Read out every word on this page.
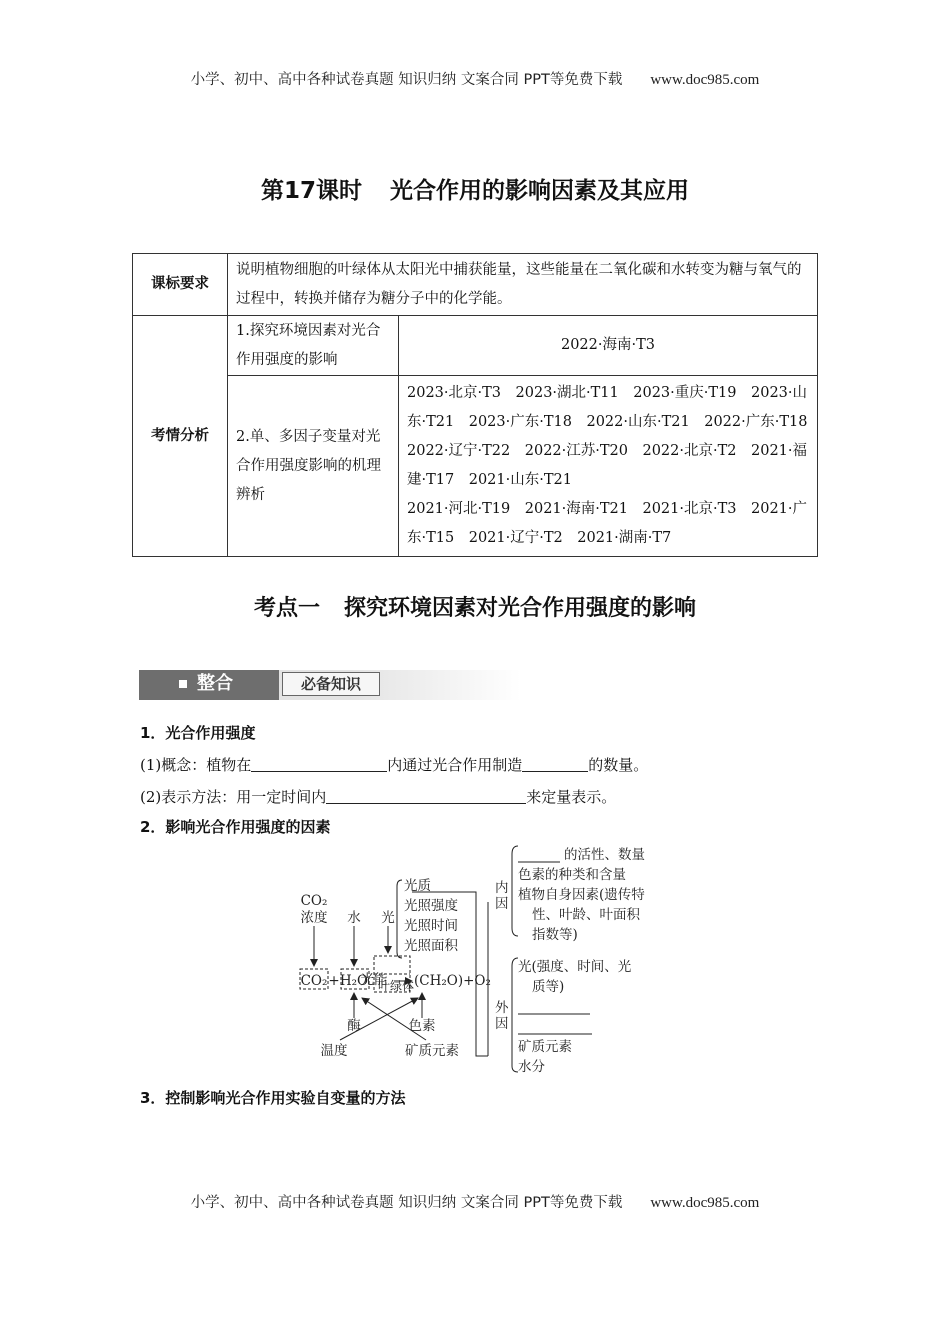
小学、初中、高中各种试卷真题 知识归纳 文案合同 PPT等免费下载 www.doc985.com
第17课时 光合作用的影响因素及其应用
课标要求	说明植物细胞的叶绿体从太阳光中捕获能量，这些能量在二氧化碳和水转变为糖与氧气的过程中，转换并储存为糖分子中的化学能。	
考情分析	1.探究环境因素对光合作用强度的影响	2022·海南·T3
	2.单、多因子变量对光合作用强度影响的机理辨析	2023·北京·T3　2023·湖北·T11　2023·重庆·T19　2023·山东·T21　2023·广东·T18　2022·山东·T21　2022·广东·T18　2022·辽宁·T22　2022·江苏·T20　2022·北京·T2　2021·福建·T17　2021·山东·T21
2021·河北·T19　2021·海南·T21　2021·北京·T3　2021·广东·T15　2021·辽宁·T2　2021·湖南·T7
考点一 探究环境因素对光合作用强度的影响
整合	必备知识
1．光合作用强度
(1)概念：植物在	内通过光合作用制造	的数量。
(2)表示方法：用一定时间内	来定量表示。
2．影响光合作用强度的因素
CO₂
浓度 水 光
光质
光照强度
光照时间
光照面积
光能
叶绿体
CO₂ + H₂O	(CH₂O)+O₂
酶	色素
温度	矿质元素
内
因
的活性、数量
色素的种类和含量
植物自身因素(遗传特
性、叶龄、叶面积
指数等)
外
因
光(强度、时间、光
质等)
矿质元素
水分
3．控制影响光合作用实验自变量的方法
小学、初中、高中各种试卷真题 知识归纳 文案合同 PPT等免费下载 www.doc985.com
